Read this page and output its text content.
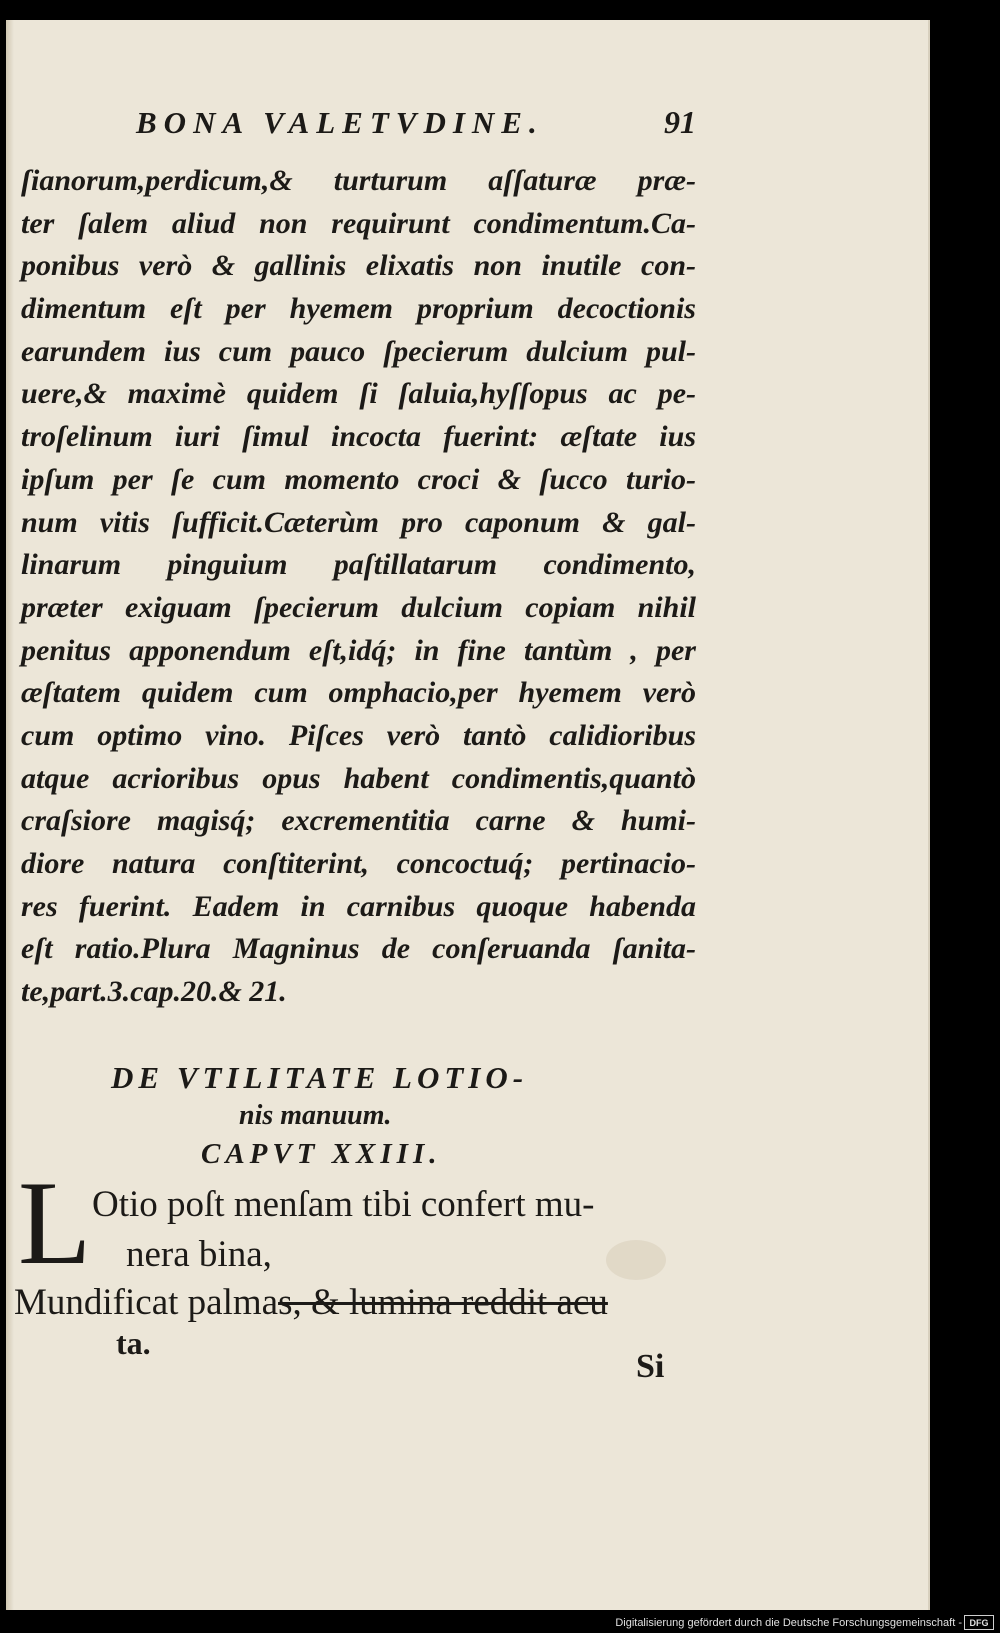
BONA VALETVDINE.	91
ſianorum,perdicum,& turturum aſſaturæ præ-
ter ſalem aliud non requirunt condimentum.Ca-
ponibus verò & gallinis elixatis non inutile con-
dimentum eſt per hyemem proprium decoctionis
earundem ius cum pauco ſpecierum dulcium pul-
uere,& maximè quidem ſi ſaluia,hyſſopus ac pe-
troſelinum iuri ſimul incocta fuerint: æſtate ius
ipſum per ſe cum momento croci & ſucco turio-
num vitis ſufficit.Cæterùm pro caponum & gal-
linarum pinguium paſtillatarum condimento,
præter exiguam ſpecierum dulcium copiam nihil
penitus apponendum eſt,idq́; in fine tantùm , per
æſtatem quidem cum omphacio,per hyemem verò
cum optimo vino. Piſces verò tantò calidioribus
atque acrioribus opus habent condimentis,quantò
craſsiore magisq́; excrementitia carne & humi-
diore natura conſtiterint, concoctuq́; pertinacio-
res fuerint. Eadem in carnibus quoque habenda
eſt ratio.Plura Magninus de conſeruanda ſanita-
te,part.3.cap.20.& 21.
DE VTILITATE LOTIO-
nis manuum.
CAPVT XXIII.
L Otio poſt menſam tibi confert mu-
nera bina,
Mundificat palmas, & lumina reddit acu
ta.
Si
Digitalisierung gefördert durch die Deutsche Forschungsgemeinschaft - DFG
